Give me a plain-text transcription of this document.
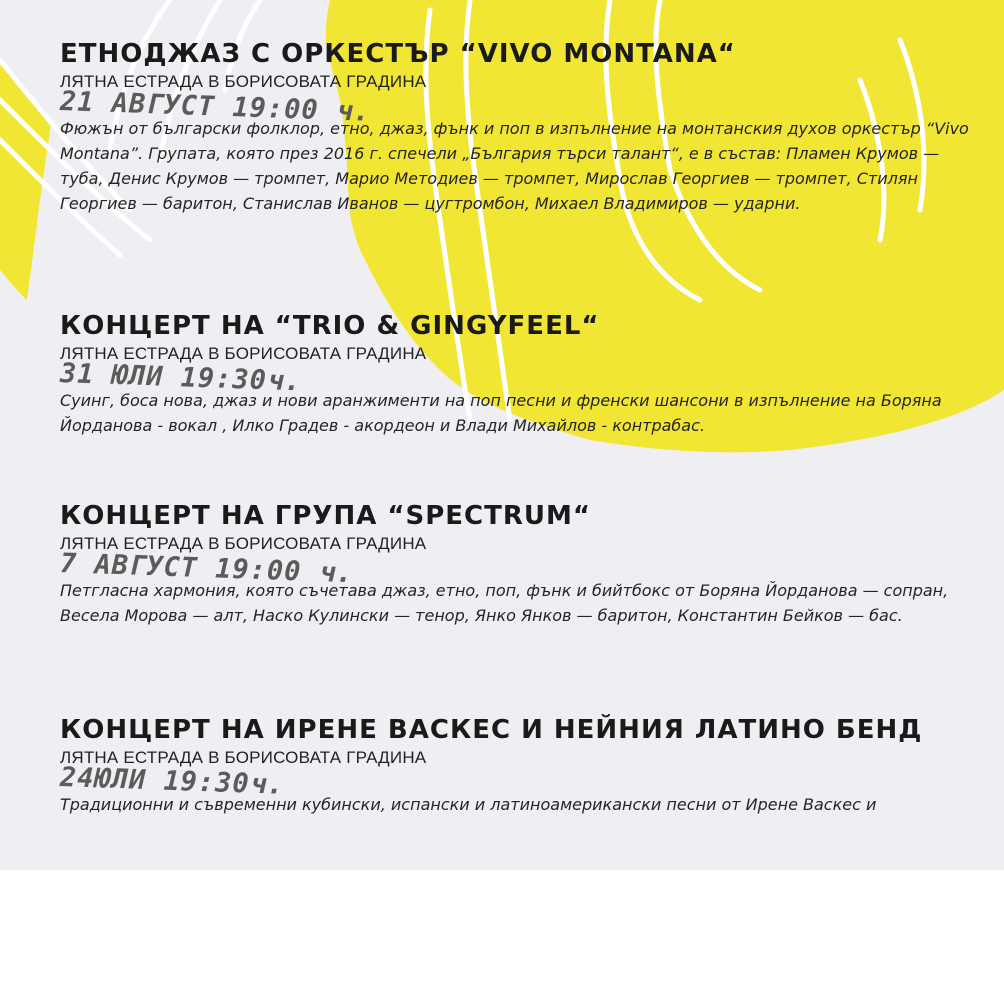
ЕТНОДЖАЗ С ОРКЕСТЪР “VIVO MONTANA“
ЛЯТНА ЕСТРАДА В БОРИСОВАТА ГРАДИНА
21 АВГУСТ 19:00 ч.
Фюжън от български фолклор, етно, джаз, фънк и поп в изпълнение на монтанския духов оркестър “Vivo Montana”. Групата, която през 2016 г. спечели „България търси талант“, е в състав: Пламен Крумов — туба, Денис Крумов — тромпет, Марио Методиев — тромпет, Мирослав Георгиев — тромпет, Стилян Георгиев — баритон, Станислав Иванов — цугтромбон, Михаел Владимиров — ударни.
КОНЦЕРТ НА “TRIO & GINGYFEEL“
ЛЯТНА ЕСТРАДА В БОРИСОВАТА ГРАДИНА
31 ЮЛИ 19:30ч.
Суинг, боса нова, джаз и нови аранжименти на поп песни и френски шансони в изпълнение на Боряна Йорданова - вокал , Илко Градев - акордеон и Влади Михайлов - контрабас.
КОНЦЕРТ НА ГРУПА “SPECTRUM“
ЛЯТНА ЕСТРАДА В БОРИСОВАТА ГРАДИНА
7 АВГУСТ 19:00 ч.
Петгласна хармония, която съчетава джаз, етно, поп, фънк и бийтбокс от Боряна Йорданова — сопран, Весела Морова — алт, Наско Кулински — тенор, Янко Янков — баритон, Константин Бейков — бас.
КОНЦЕРТ НА ИРЕНЕ ВАСКЕС И НЕЙНИЯ ЛАТИНО БЕНД
ЛЯТНА ЕСТРАДА В БОРИСОВАТА ГРАДИНА
24ЮЛИ 19:30ч.
Традиционни и съвременни кубински, испански и латиноамерикански песни от Ирене Васкес и
